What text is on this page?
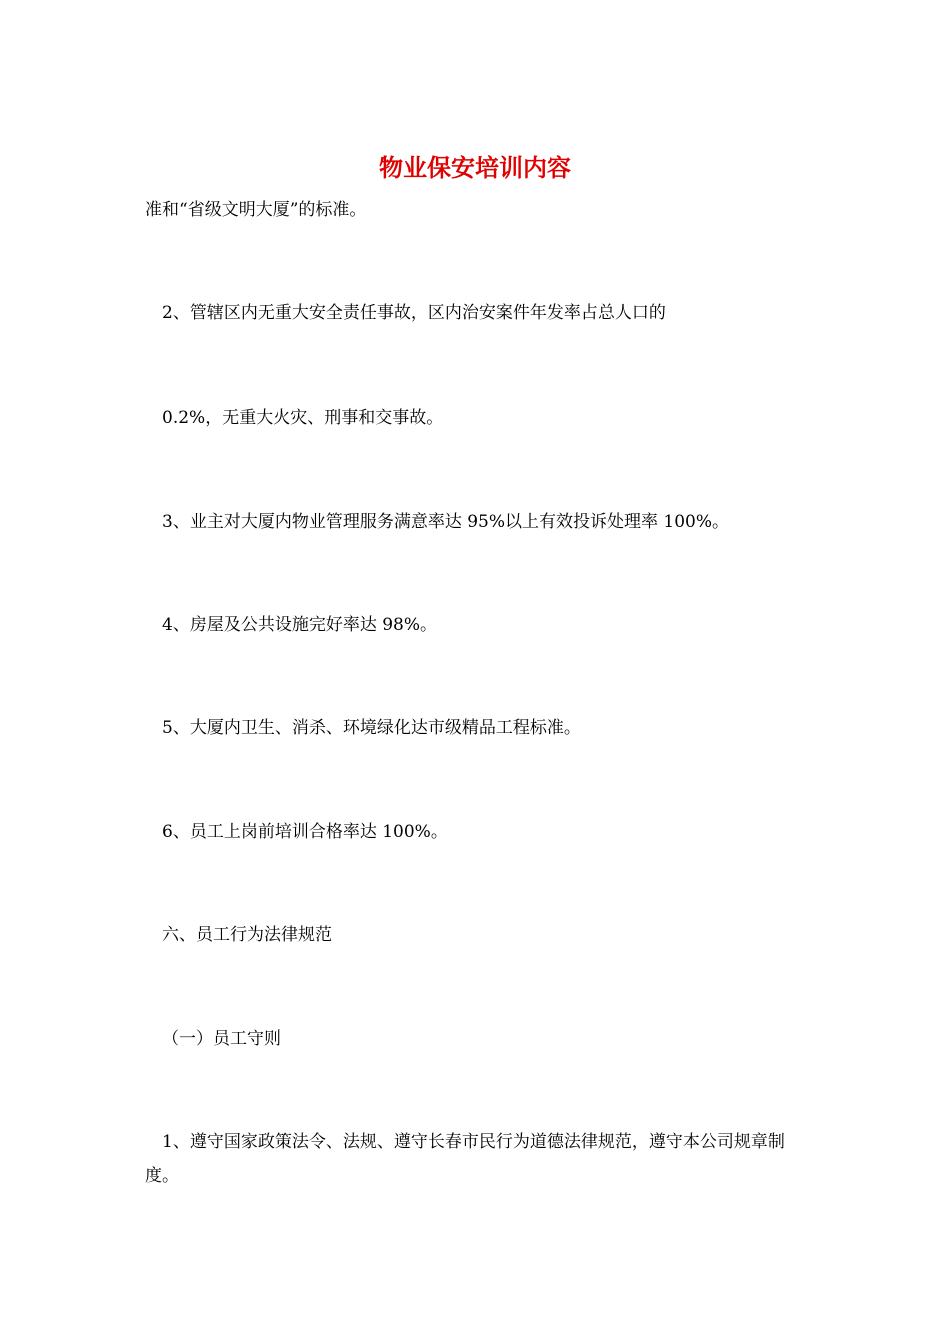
物业保安培训内容
准和“省级文明大厦”的标准。
2、管辖区内无重大安全责任事故，区内治安案件年发率占总人口的
0.2%，无重大火灾、刑事和交事故。
3、业主对大厦内物业管理服务满意率达 95%以上有效投诉处理率 100%。
4、房屋及公共设施完好率达 98%。
5、大厦内卫生、消杀、环境绿化达市级精品工程标准。
6、员工上岗前培训合格率达 100%。
六、员工行为法律规范
（一）员工守则
1、遵守国家政策法令、法规、遵守长春市民行为道德法律规范，遵守本公司规章制度。
